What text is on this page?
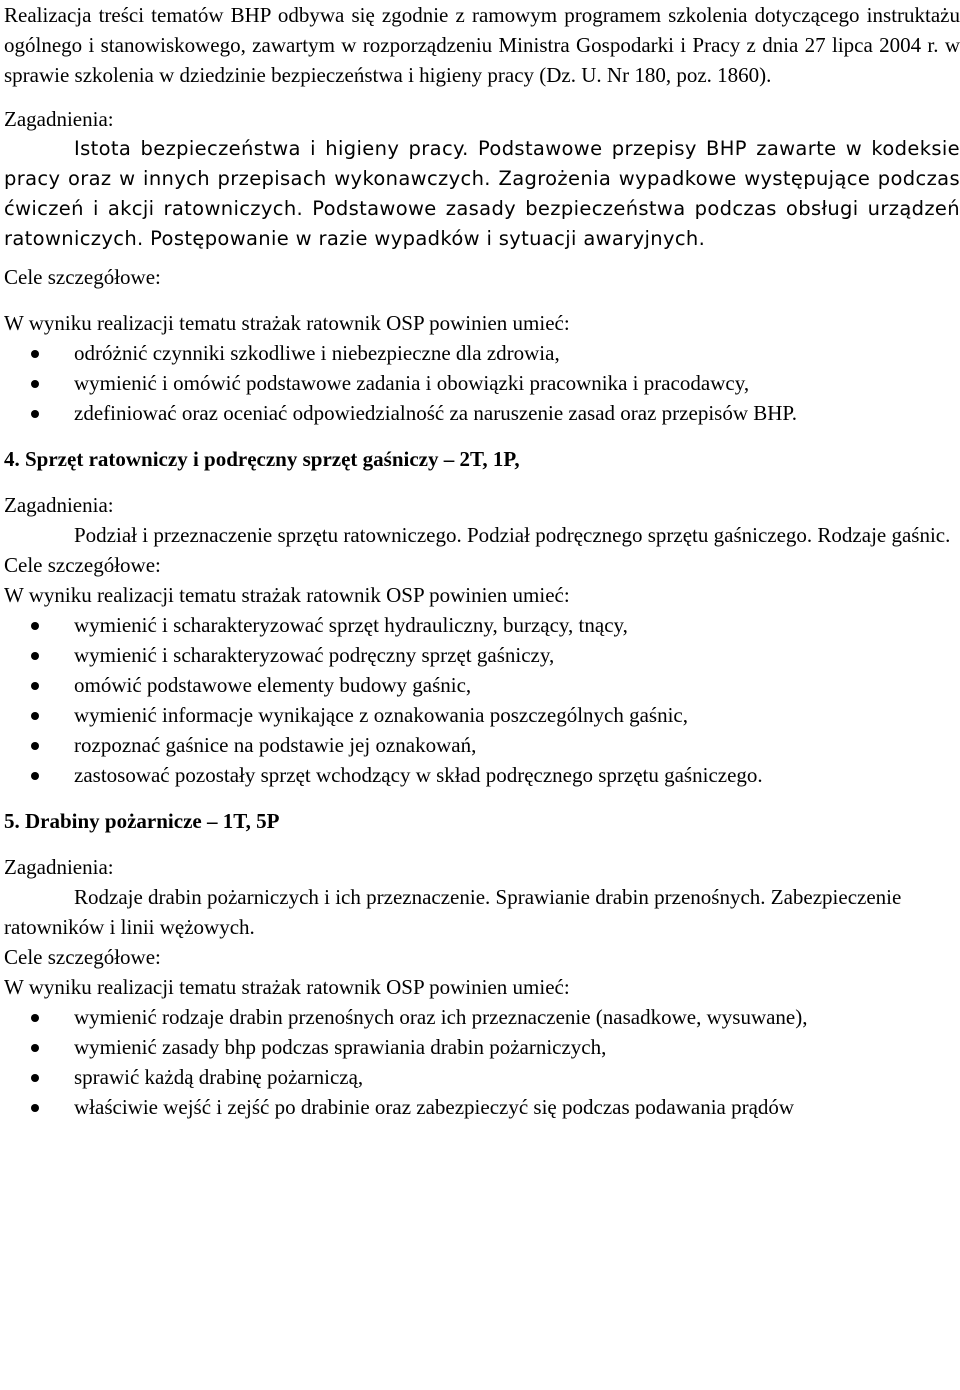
Realizacja treści tematów BHP odbywa się zgodnie z ramowym programem szkolenia dotyczącego instruktażu ogólnego i stanowiskowego, zawartym w rozporządzeniu Ministra Gospodarki i Pracy z dnia 27 lipca 2004 r. w sprawie szkolenia w dziedzinie bezpieczeństwa i higieny pracy (Dz. U. Nr 180, poz. 1860).

Zagadnienia:

Istota bezpieczeństwa i higieny pracy. Podstawowe przepisy BHP zawarte w kodeksie pracy oraz w innych przepisach wykonawczych. Zagrożenia wypadkowe występujące podczas ćwiczeń i akcji ratowniczych. Podstawowe zasady bezpieczeństwa podczas obsługi urządzeń ratowniczych. Postępowanie w razie wypadków i sytuacji awaryjnych.

Cele szczegółowe:

W wyniku realizacji tematu strażak ratownik OSP powinien umieć:

odróżnić czynniki szkodliwe i niebezpieczne dla zdrowia,
wymienić i omówić podstawowe zadania i obowiązki pracownika i pracodawcy,
zdefiniować oraz oceniać odpowiedzialność za naruszenie zasad oraz przepisów BHP.

4. Sprzęt ratowniczy i podręczny sprzęt gaśniczy – 2T, 1P,

Zagadnienia:

Podział i przeznaczenie sprzętu ratowniczego. Podział podręcznego sprzętu gaśniczego. Rodzaje gaśnic.

Cele szczegółowe:

W wyniku realizacji tematu strażak ratownik OSP powinien umieć:

wymienić i scharakteryzować sprzęt hydrauliczny, burzący, tnący,
wymienić i scharakteryzować podręczny sprzęt gaśniczy,
omówić podstawowe elementy budowy gaśnic,
wymienić informacje wynikające z oznakowania poszczególnych gaśnic,
rozpoznać gaśnice na podstawie jej oznakowań,
zastosować pozostały sprzęt wchodzący w skład podręcznego sprzętu gaśniczego.

5. Drabiny pożarnicze – 1T, 5P

Zagadnienia:

Rodzaje drabin pożarniczych i ich przeznaczenie. Sprawianie drabin przenośnych. Zabezpieczenie ratowników i linii wężowych.

Cele szczegółowe:

W wyniku realizacji tematu strażak ratownik OSP powinien umieć:

wymienić rodzaje drabin przenośnych oraz ich przeznaczenie (nasadkowe, wysuwane),
wymienić zasady bhp podczas sprawiania drabin pożarniczych,
sprawić każdą drabinę pożarniczą,
właściwie wejść i zejść po drabinie oraz zabezpieczyć się podczas podawania prądów
